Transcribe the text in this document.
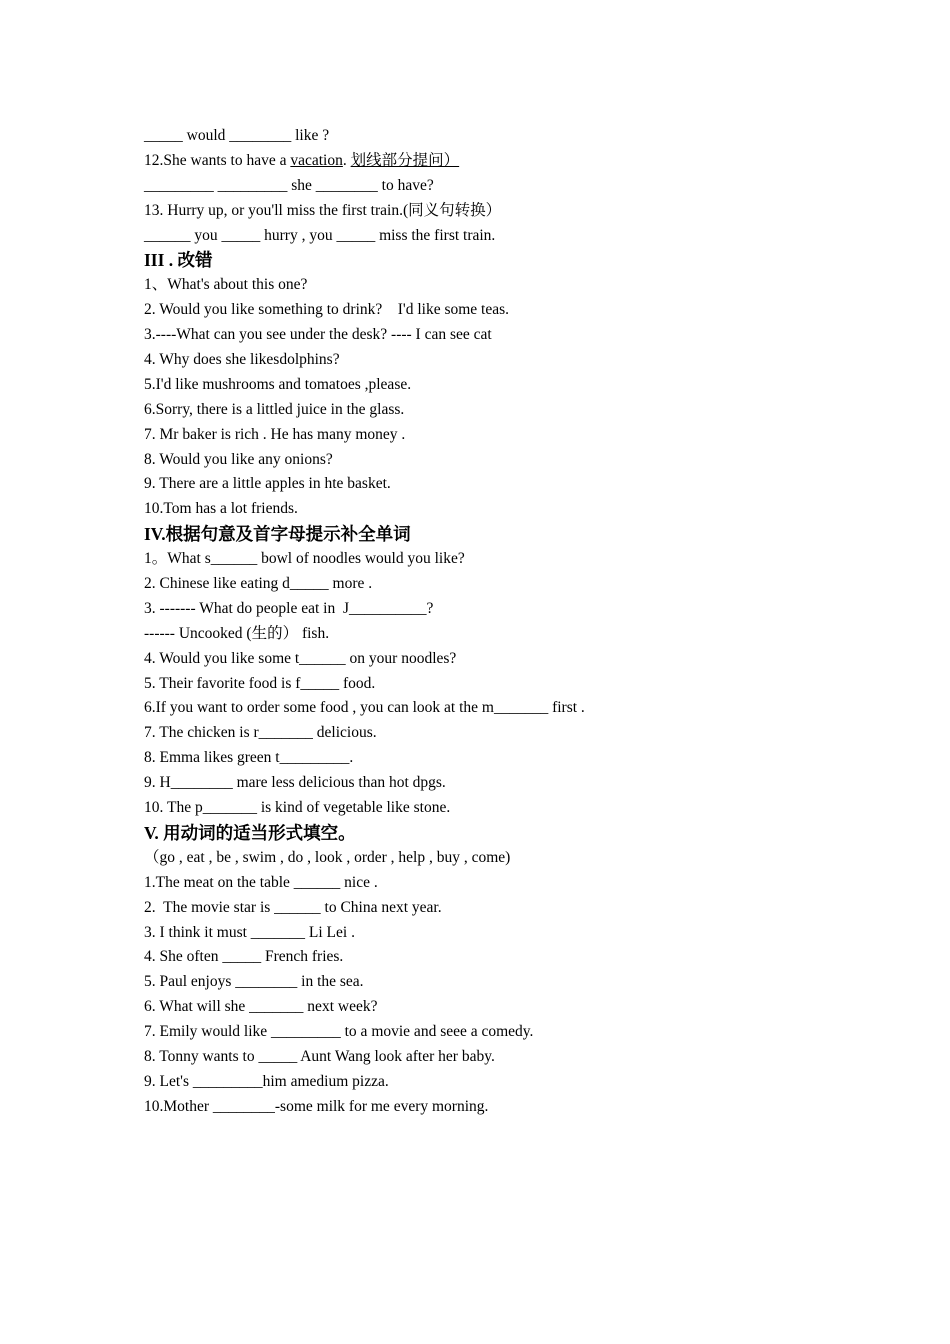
_____ would ________ like ?
12.She wants to have a vacation. 划线部分提问）
_________ _________ she ________ to have?
13. Hurry up, or you'll miss the first train.(同义句转换）
______ you _____ hurry , you _____ miss the first train.
III . 改错
1、What's about this one?
2. Would you like something to drink?    I'd like some teas.
3.----What can you see under the desk? ---- I can see cat
4. Why does she likesdolphins?
5.I'd like mushrooms and tomatoes ,please.
6.Sorry, there is a littled juice in the glass.
7. Mr baker is rich . He has many money .
8. Would you like any onions?
9. There are a little apples in hte basket.
10.Tom has a lot friends.
IV.根据句意及首字母提示补全单词
1。What s______ bowl of noodles would you like?
2. Chinese like eating d_____ more .
3. ------- What do people eat in  J__________?
------ Uncooked (生的） fish.
4. Would you like some t______ on your noodles?
5. Their favorite food is f_____ food.
6.If you want to order some food , you can look at the m_______ first .
7. The chicken is r_______ delicious.
8. Emma likes green t_________.
9. H________ mare less delicious than hot dpgs.
10. The p_______ is kind of vegetable like stone.
V. 用动词的适当形式填空。
（go , eat , be , swim , do , look , order , help , buy , come)
1.The meat on the table ______ nice .
2.  The movie star is ______ to China next year.
3. I think it must _______ Li Lei .
4. She often _____ French fries.
5. Paul enjoys ________ in the sea.
6. What will she _______ next week?
7. Emily would like _________ to a movie and seee a comedy.
8. Tonny wants to _____ Aunt Wang look after her baby.
9. Let's _________him amedium pizza.
10.Mother ________-some milk for me every morning.
